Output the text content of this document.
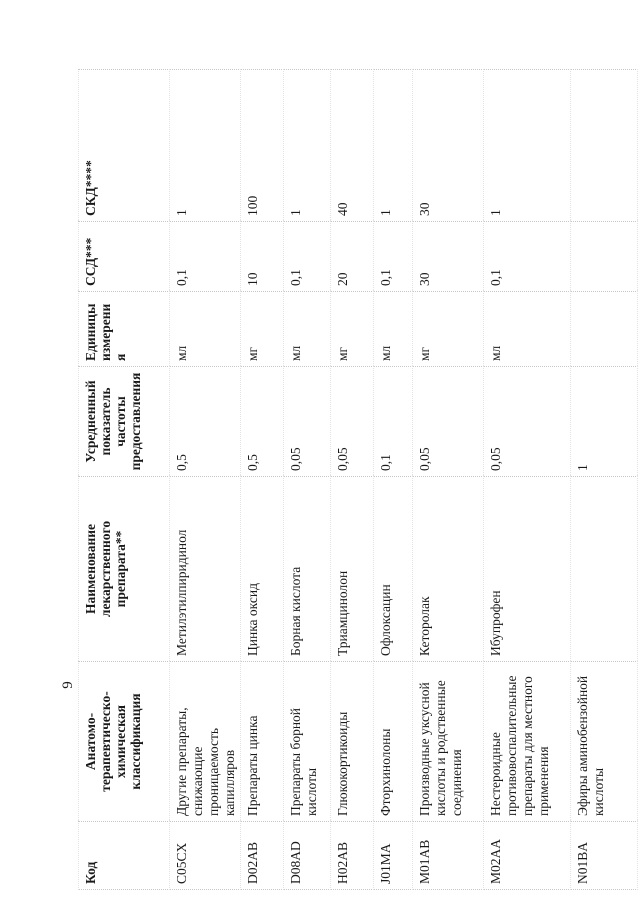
9
Код	Анатомо-терапевтическо-химическая классификация	Наименование лекарственного препарата**	Усредненный показатель частоты предоставления	Единицы измерения	ССД***	СКД****
C05CX	Другие препараты, снижающие проницаемость капилляров	Метилэтилпиридинол	0,5	мл	0,1	1
D02AB	Препараты цинка	Цинка оксид	0,5	мг	10	100
D08AD	Препараты борной кислоты	Борная кислота	0,05	мл	0,1	1
H02AB	Глюкокортикоиды	Триамцинолон	0,05	мг	20	40
J01MA	Фторхинолоны	Офлоксацин	0,1	мл	0,1	1
M01AB	Производные уксусной кислоты и родственные соединения	Кеторолак	0,05	мг	30	30
M02AA	Нестероидные противовоспалительные препараты для местного применения	Ибупрофен	0,05	мл	0,1	1
N01BA	Эфиры аминобензойной кислоты		1			
